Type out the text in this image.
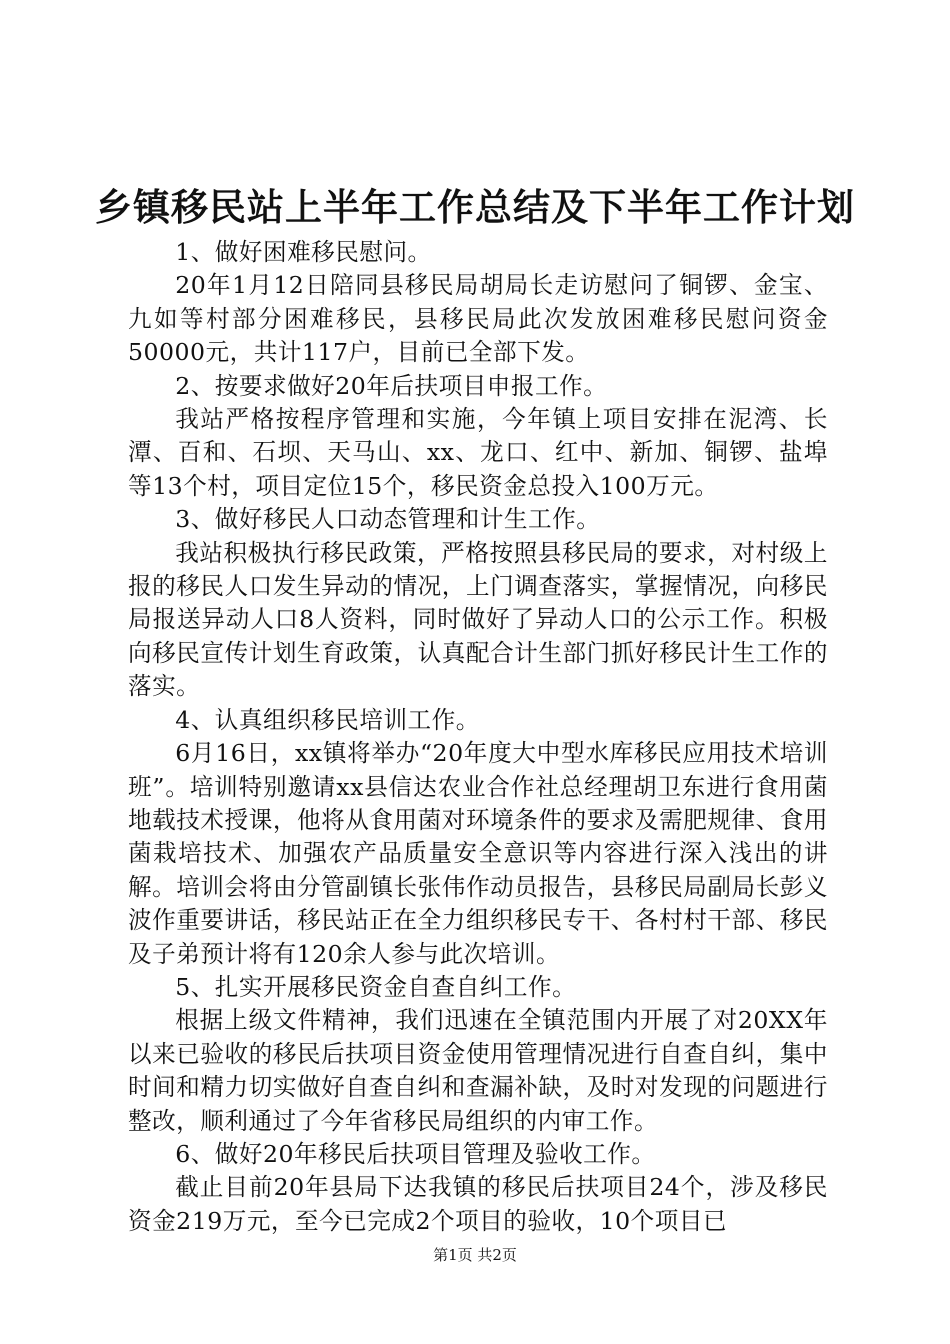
乡镇移民站上半年工作总结及下半年工作计划

1、做好困难移民慰问。

20年1月12日陪同县移民局胡局长走访慰问了铜锣、金宝、九如等村部分困难移民，县移民局此次发放困难移民慰问资金50000元，共计117户，目前已全部下发。

2、按要求做好20年后扶项目申报工作。

我站严格按程序管理和实施，今年镇上项目安排在泥湾、长潭、百和、石坝、天马山、xx、龙口、红中、新加、铜锣、盐埠等13个村，项目定位15个，移民资金总投入100万元。

3、做好移民人口动态管理和计生工作。

我站积极执行移民政策，严格按照县移民局的要求，对村级上报的移民人口发生异动的情况，上门调查落实，掌握情况，向移民局报送异动人口8人资料，同时做好了异动人口的公示工作。积极向移民宣传计划生育政策，认真配合计生部门抓好移民计生工作的落实。

4、认真组织移民培训工作。

6月16日，xx镇将举办“20年度大中型水库移民应用技术培训班”。培训特别邀请xx县信达农业合作社总经理胡卫东进行食用菌地载技术授课，他将从食用菌对环境条件的要求及需肥规律、食用菌栽培技术、加强农产品质量安全意识等内容进行深入浅出的讲解。培训会将由分管副镇长张伟作动员报告，县移民局副局长彭义波作重要讲话，移民站正在全力组织移民专干、各村村干部、移民及子弟预计将有120余人参与此次培训。

5、扎实开展移民资金自查自纠工作。

根据上级文件精神，我们迅速在全镇范围内开展了对20XX年以来已验收的移民后扶项目资金使用管理情况进行自查自纠，集中时间和精力切实做好自查自纠和查漏补缺，及时对发现的问题进行整改，顺利通过了今年省移民局组织的内审工作。

6、做好20年移民后扶项目管理及验收工作。

截止目前20年县局下达我镇的移民后扶项目24个，涉及移民资金219万元，至今已完成2个项目的验收，10个项目已

第1页 共2页
